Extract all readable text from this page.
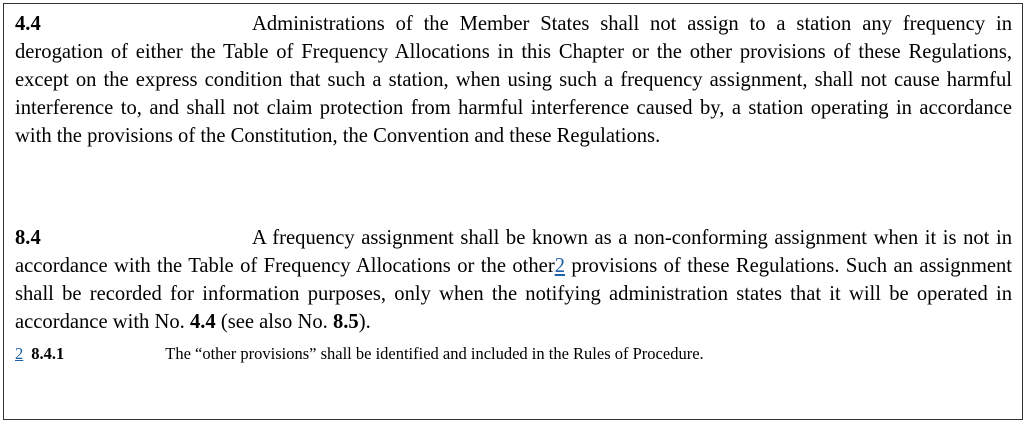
4.4	Administrations of the Member States shall not assign to a station any frequency in derogation of either the Table of Frequency Allocations in this Chapter or the other provisions of these Regulations, except on the express condition that such a station, when using such a frequency assignment, shall not cause harmful interference to, and shall not claim protection from harmful interference caused by, a station operating in accordance with the provisions of the Constitution, the Convention and these Regulations.
8.4	A frequency assignment shall be known as a non-conforming assignment when it is not in accordance with the Table of Frequency Allocations or the other2 provisions of these Regulations. Such an assignment shall be recorded for information purposes, only when the notifying administration states that it will be operated in accordance with No. 4.4 (see also No. 8.5).
2 8.4.1	The “other provisions” shall be identified and included in the Rules of Procedure.
